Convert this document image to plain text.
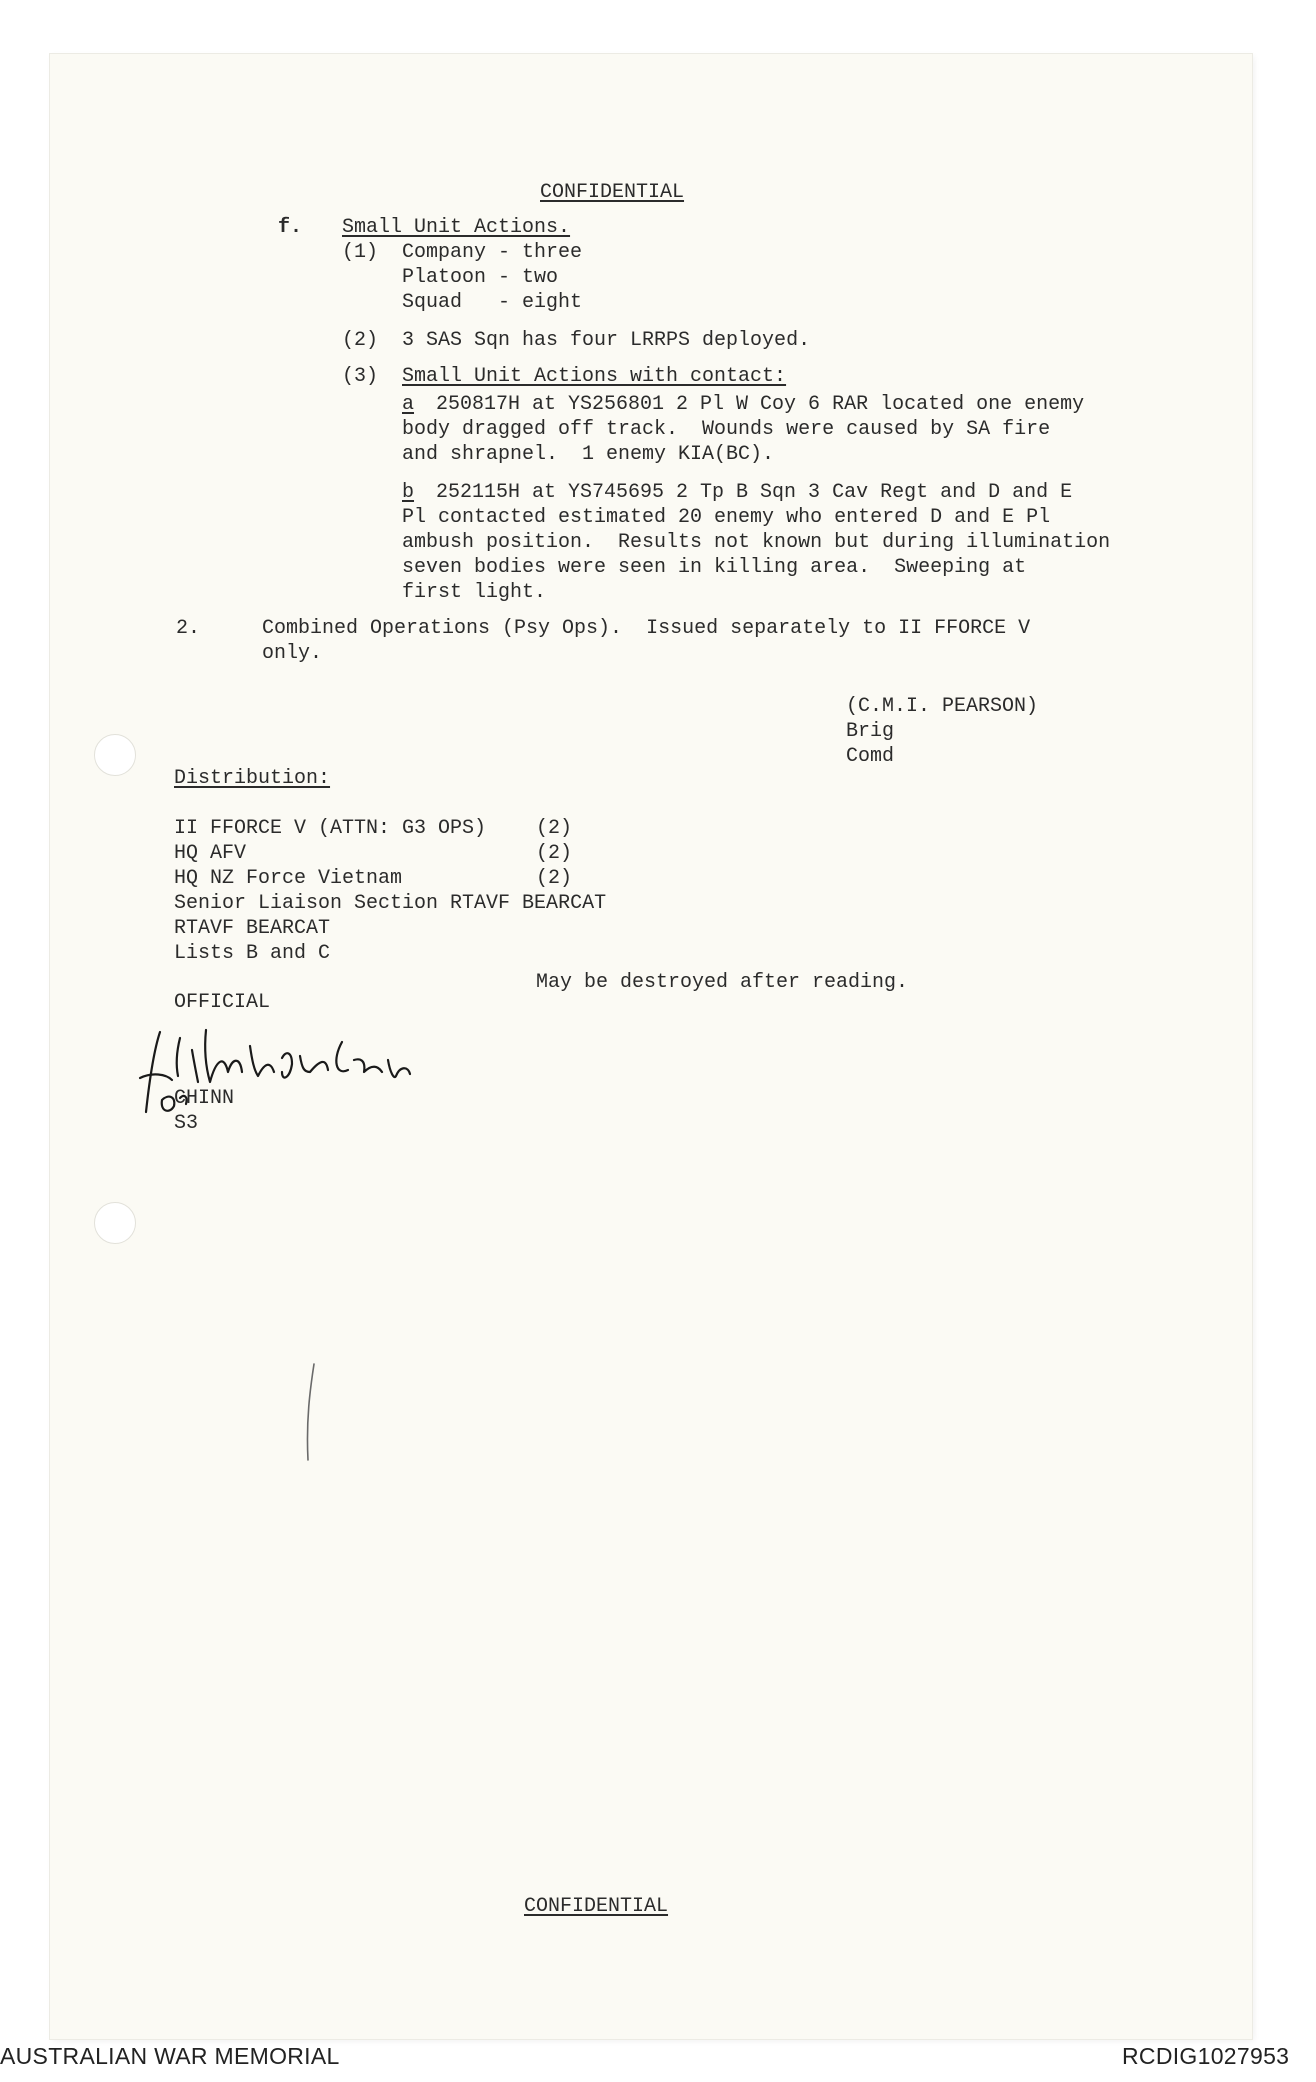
CONFIDENTIAL
f. Small Unit Actions.
(1) Company - three
Platoon - two
Squad   - eight
(2) 3 SAS Sqn has four LRRPS deployed.
(3) Small Unit Actions with contact:
a 250817H at YS256801 2 Pl W Coy 6 RAR located one enemy
body dragged off track.  Wounds were caused by SA fire
and shrapnel.  1 enemy KIA(BC).
b 252115H at YS745695 2 Tp B Sqn 3 Cav Regt and D and E
Pl contacted estimated 20 enemy who entered D and E Pl
ambush position.  Results not known but during illumination
seven bodies were seen in killing area.  Sweeping at
first light.
2.	Combined Operations (Psy Ops).  Issued separately to II FFORCE V
only.
(C.M.I. PEARSON)
Brig
Comd
Distribution:
II FFORCE V (ATTN: G3 OPS) (2)
HQ AFV	(2)
HQ NZ Force Vietnam	(2)
Senior Liaison Section RTAVF BEARCAT
RTAVF BEARCAT
Lists B and C
May be destroyed after reading.
OFFICIAL
CHINN
S3
CONFIDENTIAL
AUSTRALIAN WAR MEMORIAL	RCDIG1027953
